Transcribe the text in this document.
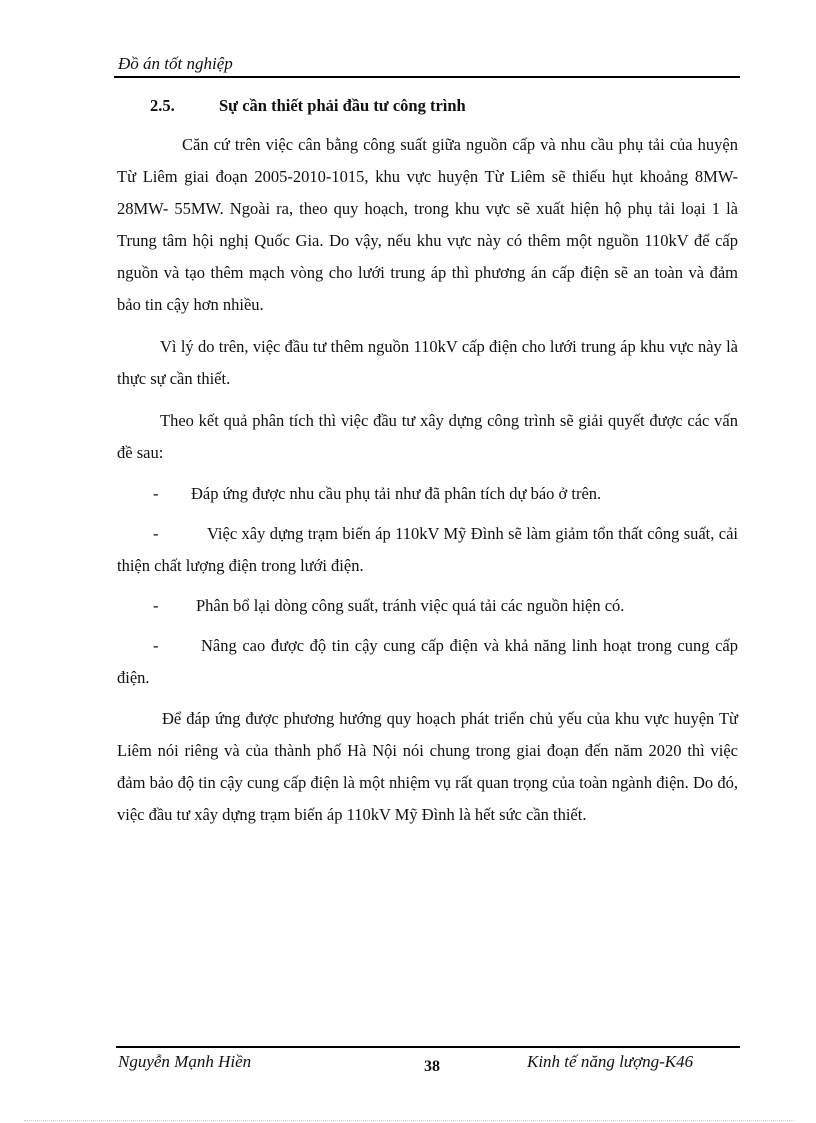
Đồ án tốt nghiệp
2.5.	Sự cần thiết phải đầu tư công trình
Căn cứ trên việc cân bằng công suất giữa nguồn cấp và nhu cầu phụ tải của huyện Từ Liêm giai đoạn 2005-2010-1015, khu vực huyện Từ Liêm sẽ thiếu hụt khoảng 8MW- 28MW- 55MW. Ngoài ra, theo quy hoạch, trong khu vực sẽ xuất hiện hộ phụ tải loại 1 là Trung tâm hội nghị Quốc Gia. Do vậy, nếu khu vực này có thêm một nguồn 110kV để cấp nguồn và tạo thêm mạch vòng cho lưới trung áp thì phương án cấp điện sẽ an toàn và đảm bảo tin cậy hơn nhiều.
Vì lý do trên, việc đầu tư thêm nguồn 110kV cấp điện cho lưới trung áp khu vực này là thực sự cần thiết.
Theo kết quả phân tích thì việc đầu tư xây dựng công trình sẽ giải quyết được các vấn đề sau:
- Đáp ứng được nhu cầu phụ tải như đã phân tích dự báo ở trên.
-	Việc xây dựng trạm biến áp 110kV Mỹ Đình sẽ làm giảm tổn thất công suất, cải thiện chất lượng điện trong lưới điện.
- Phân bổ lại dòng công suất, tránh việc quá tải các nguồn hiện có.
-	Nâng cao được độ tin cậy cung cấp điện và khả năng linh hoạt trong cung cấp điện.
Để đáp ứng được phương hướng quy hoạch phát triển chủ yếu của khu vực huyện Từ Liêm nói riêng và của thành phố Hà Nội nói chung trong giai đoạn đến năm 2020 thì việc đảm bảo độ tin cậy cung cấp điện là một nhiệm vụ rất quan trọng của toàn ngành điện. Do đó, việc đầu tư xây dựng trạm biến áp 110kV Mỹ Đình là hết sức cần thiết.
Nguyễn Mạnh Hiền	38	Kinh tế năng lượng-K46
